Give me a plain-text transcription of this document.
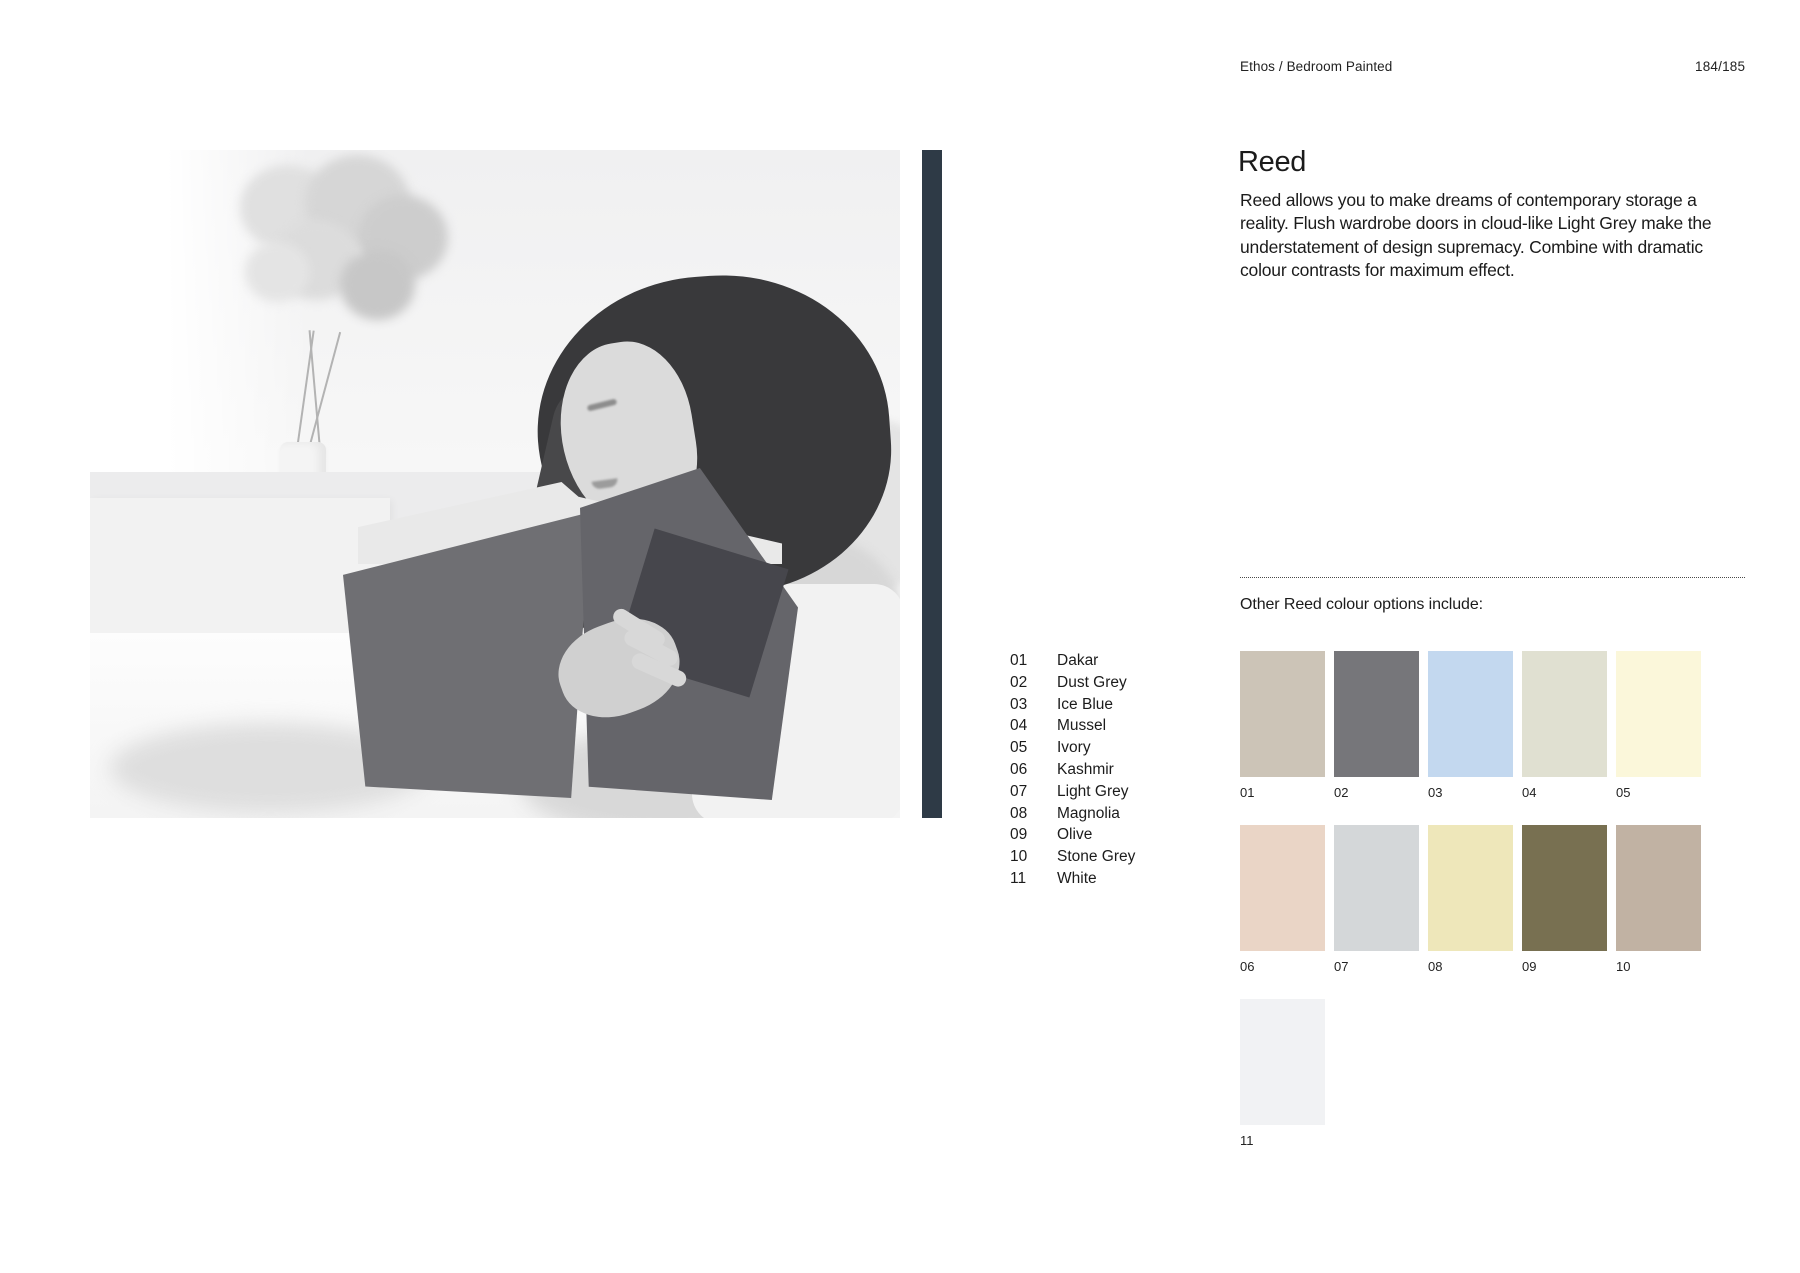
Ethos / Bedroom Painted	184/185
01	Dakar
02	Dust Grey
03	Ice Blue
04	Mussel
05	Ivory
06	Kashmir
07	Light Grey
08	Magnolia
09	Olive
10	Stone Grey
11	White
Reed

Reed allows you to make dreams of contemporary storage a reality. Flush wardrobe doors in cloud-like Light Grey make the understatement of design supremacy. Combine with dramatic colour contrasts for maximum effect.

Other Reed colour options include:
01	02	03	04	05
06	07	08	09	10
11
